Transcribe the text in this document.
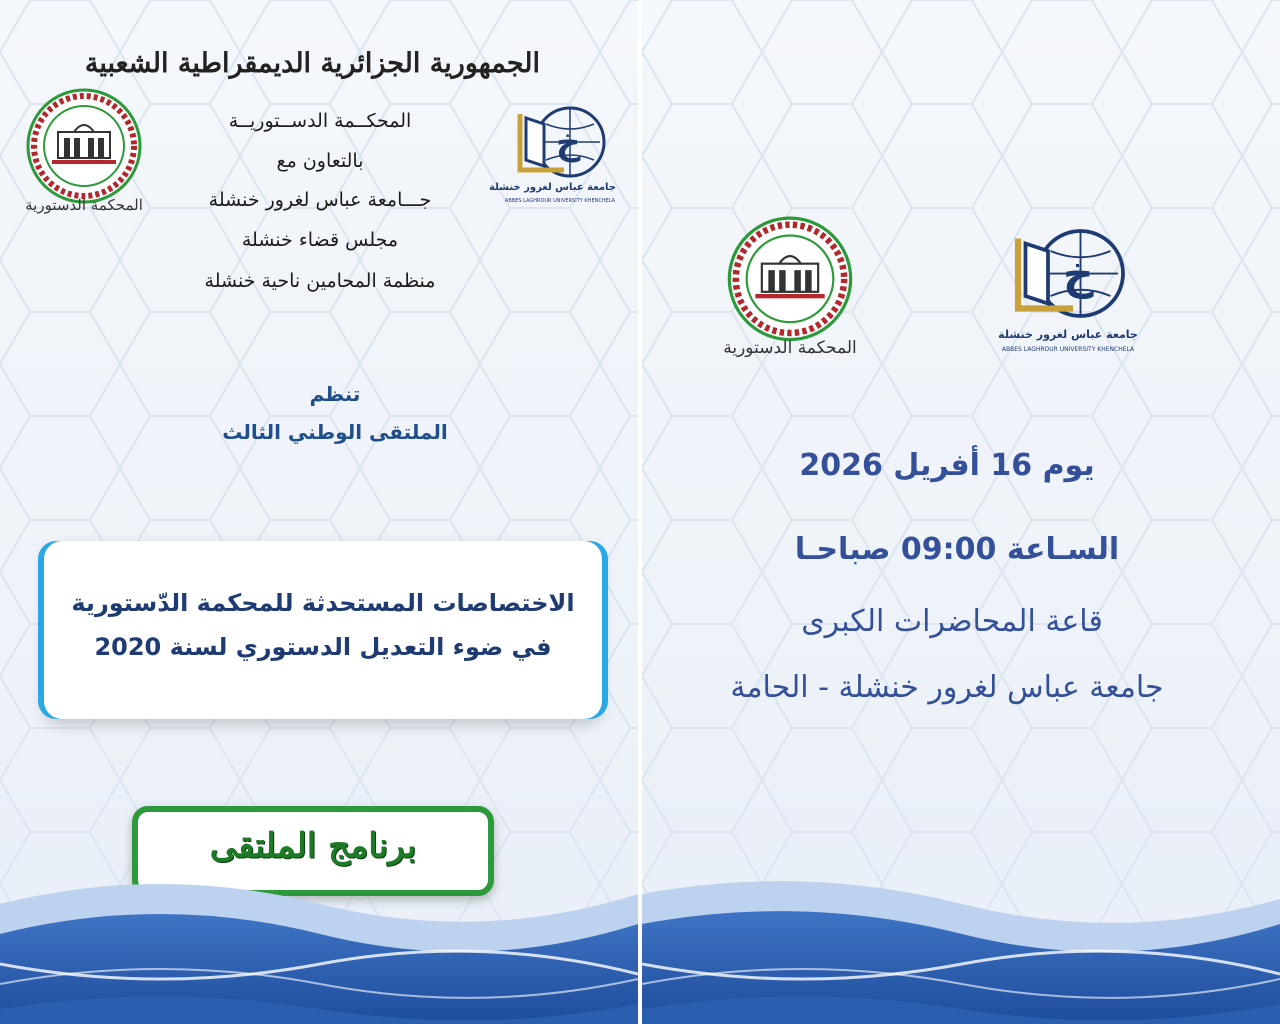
الجمهورية الجزائرية الديمقراطية الشعبية
المحكمة الدستورية
خ
جامعة عباس لغرور خنشلة
ABBES LAGHROUR UNIVERSITY KHENCHELA
المحكــمة الدســتوريــة
بالتعاون مع
جـــامعة عباس لغرور خنشلة
مجلس قضاء خنشلة
منظمة المحامين ناحية خنشلة
تنظم
الملتقى الوطني الثالث
الاختصاصات المستحدثة للمحكمة الدّستورية
في ضوء التعديل الدستوري لسنة 2020
برنامج الملتقى
المحكمة الدستورية
خ
جامعة عباس لغرور خنشلة
ABBES LAGHROUR UNIVERSITY KHENCHELA
يوم 16 أفريل 2026
السـاعة 09:00 صباحـا
قاعة المحاضرات الكبرى
جامعة عباس لغرور خنشلة - الحامة
